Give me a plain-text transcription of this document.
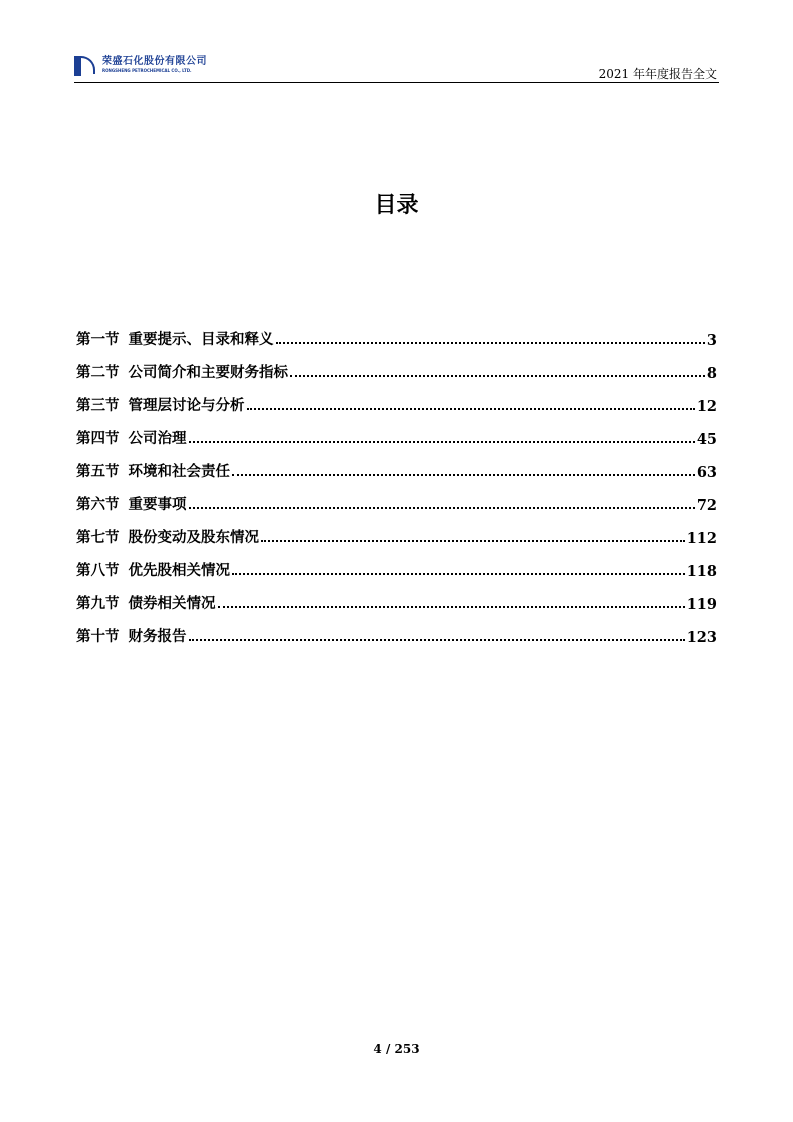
荣盛石化股份有限公司
RONGSHENG PETROCHEMICAL CO., LTD.	2021 年年度报告全文
目录
第一节 重要提示、目录和释义	3
第二节 公司简介和主要财务指标	8
第三节 管理层讨论与分析	12
第四节 公司治理	45
第五节 环境和社会责任	63
第六节 重要事项	72
第七节 股份变动及股东情况	112
第八节 优先股相关情况	118
第九节 债券相关情况	119
第十节 财务报告	123
4 / 253
